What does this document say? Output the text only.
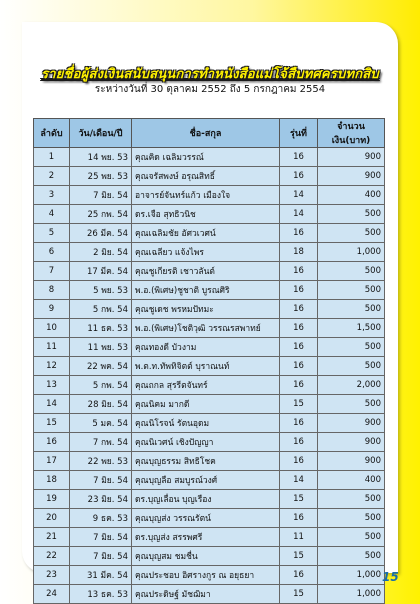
รายชื่อผู้ส่งเงินสนับสนุนการทำหนังสือแม่โจ้สืบทศครบทกสิบ
ระหว่างวันที่ 30 ตุลาคม 2552 ถึง 5 กรกฎาคม 2554
ลำดับ	วัน/เดือน/ปี	ชื่อ-สกุล	รุ่นที่	จำนวนเงิน(บาท)
1	14 พย. 53	คุณคิด เฉลิมวรรณ์	16	900
2	25 พย. 53	คุณจรัสพงษ์ อรุณสิทธิ์	16	900
3	7 มิย. 54	อาจารย์จันทร์แก้ว เมืองใจ	14	400
4	25 กพ. 54	ดร.เจือ สุทธิวนิช	14	500
5	26 มีค. 54	คุณเฉลิมชัย อัศวเวศน์	16	500
6	2 มิย. 54	คุณเฉลียว แจ้งไพร	18	1,000
7	17 มีค. 54	คุณชูเกียรติ เชาวลันต์	16	500
8	5 พย. 53	พ.อ.(พิเศษ)ชูชาติ บูรณศิริ	16	500
9	5 กพ. 54	คุณชูเดช พรหมปัทมะ	16	500
10	11 ธค. 53	พ.อ.(พิเศษ)โชติวุฒิ วรรณรสพาทย์	16	1,500
11	11 พย. 53	คุณทองดี บัวงาม	16	500
12	22 พค. 54	พ.ต.ท.ทัพทิจิตต์ บุราณนท์	16	500
13	5 กพ. 54	คุณถกล สุรรีตจันทร์	16	2,000
14	28 มิย. 54	คุณนิคม มากดี	15	500
15	5 มค. 54	คุณนิโรจน์ รัตนอุดม	16	900
16	7 กพ. 54	คุณนิเวศน์ เชิงปัญญา	16	900
17	22 พย. 53	คุณบุญธรรม สิทธิโชค	16	900
18	7 มิย. 54	คุณบุญลือ สมบูรณ์วงศ์	14	400
19	23 มิย. 54	ดร.บุญเลื่อน บุญเรือง	15	500
20	9 ธค. 53	คุณบุญส่ง วรรณรัตน์	16	500
21	7 มิย. 54	ดร.บุญส่ง สรรพศรี	11	500
22	7 มิย. 54	คุณบุญสม ชมชื่น	15	500
23	31 มีค. 54	คุณประชอบ อิศรางกูร ณ อยุธยา	16	1,000
24	13 ธค. 53	คุณประดิษฐ์ มัชฌิมา	15	1,000
15
